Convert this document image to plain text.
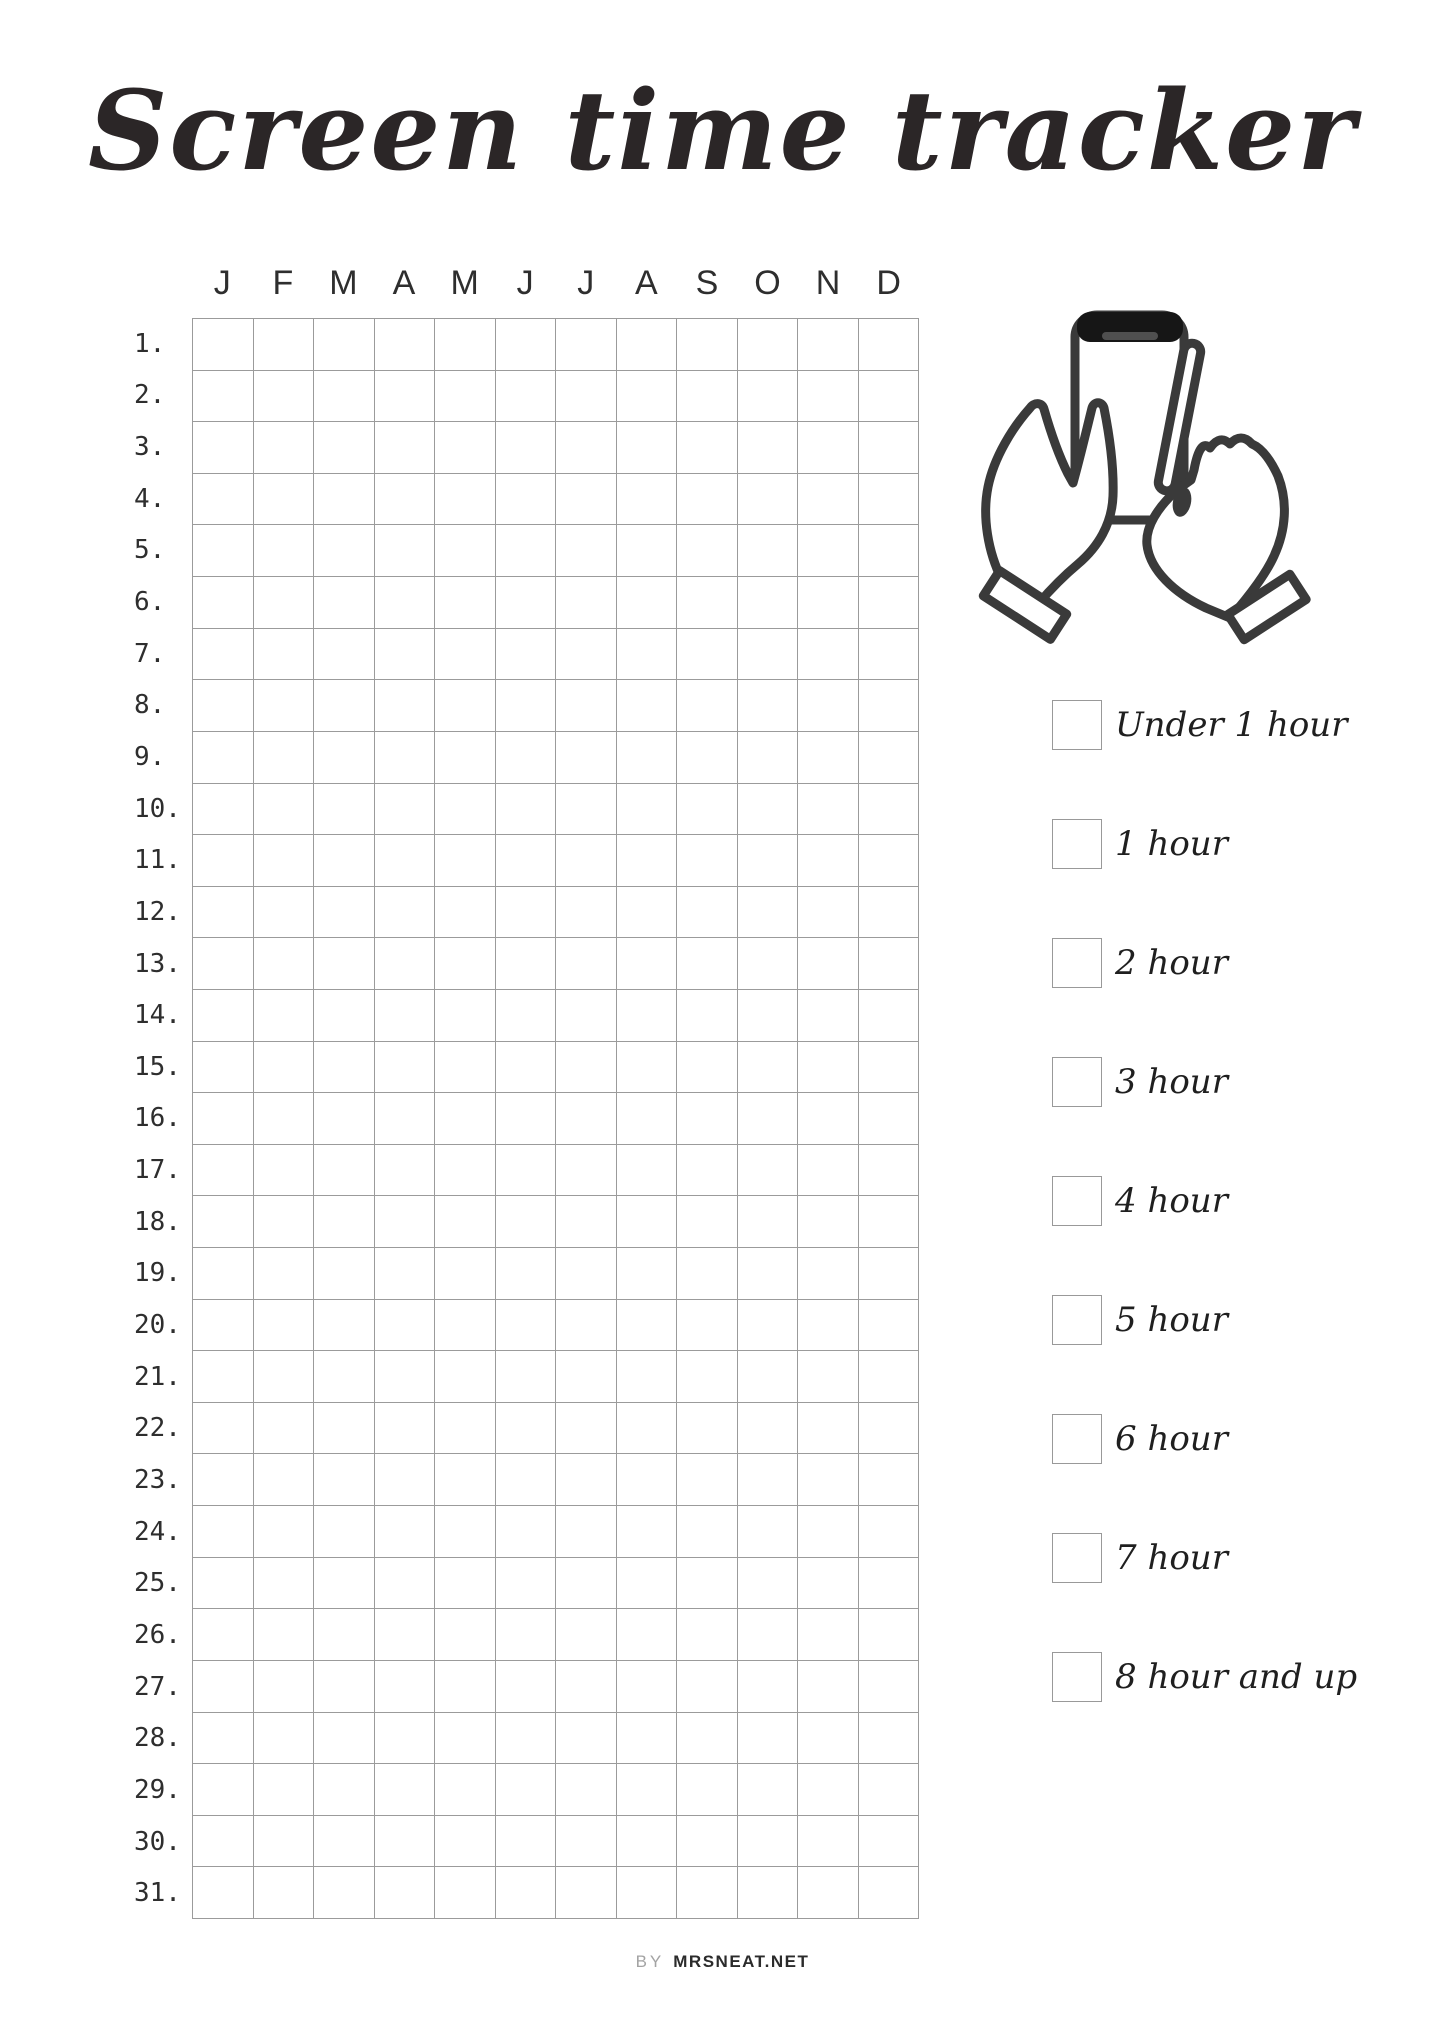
Screen time tracker
J	F	M	A	M	J	J	A	S	O	N	D
1.
2.
3.
4.
5.
6.
7.
8.
9.
10.
11.
12.
13.
14.
15.
16.
17.
18.
19.
20.
21.
22.
23.
24.
25.
26.
27.
28.
29.
30.
31.
Under 1 hour
1 hour
2 hour
3 hour
4 hour
5 hour
6 hour
7 hour
8 hour and up
BY MRSNEAT.NET
